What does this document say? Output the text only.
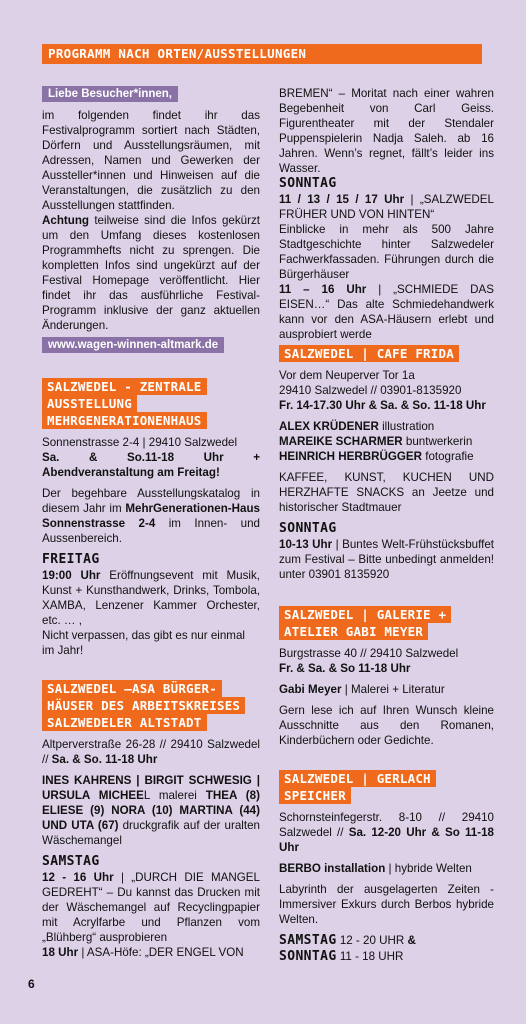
PROGRAMM NACH ORTEN/AUSSTELLUNGEN
Liebe Besucher*innen,

im folgenden findet ihr das Festivalprogramm sortiert nach Städten, Dörfern und Ausstellungsräumen, mit Adressen, Namen und Gewerken der Aussteller*innen und Hinweisen auf die Veranstaltungen, die zusätzlich zu den Ausstellungen stattfinden.

Achtung teilweise sind die Infos gekürzt um den Umfang dieses kostenlosen Programmhefts nicht zu sprengen. Die kompletten Infos sind ungekürzt auf der Festival Homepage veröffentlicht. Hier findet ihr das ausführliche Festival-Programm inklusive der ganz aktuellen Änderungen.

www.wagen-winnen-altmark.de
SALZWEDEL - ZENTRALE
AUSSTELLUNG
MEHRGENERATIONENHAUS
Sonnenstrasse 2-4 | 29410 Salzwedel

Sa. & So.11-18 Uhr + Abendveranstaltung am Freitag!

Der begehbare Ausstellungskatalog in diesem Jahr im MehrGenerationen-Haus Sonnenstrasse 2-4 im Innen- und Aussenbereich.

FREITAG

19:00 Uhr Eröffnungsevent mit Musik, Kunst + Kunsthandwerk, Drinks, Tombola, XAMBA, Lenzener Kammer Orchester, etc. … ,

Nicht verpassen, das gibt es nur einmal im Jahr!

SALZWEDEL –ASA BÜRGER-
HÄUSER DES ARBEITSKREISES
SALZWEDELER ALTSTADT

Altperverstraße 26-28 // 29410 Salzwedel // Sa. & So. 11-18 Uhr

INES KAHRENS | BIRGIT SCHWESIG | URSULA MICHEEL malerei THEA (8) ELIESE (9) NORA (10) MARTINA (44) UND UTA (67) druckgrafik auf der uralten Wäschemangel

SAMSTAG

12 - 16 Uhr | „DURCH DIE MANGEL GEDREHT“ – Du kannst das Drucken mit der Wäschemangel auf Recyclingpapier mit Acrylfarbe und Pflanzen vom „Blühberg“ ausprobieren

18 Uhr | ASA-Höfe: „DER ENGEL VON

BREMEN“ – Moritat nach einer wahren Begebenheit von Carl Geiss. Figurentheater mit der Stendaler Puppenspielerin Nadja Saleh. ab 16 Jahren. Wenn’s regnet, fällt’s leider ins Wasser.

SONNTAG

11 / 13 / 15 / 17 Uhr | „SALZWEDEL FRÜHER UND VON HINTEN“

Einblicke in mehr als 500 Jahre Stadtgeschichte hinter Salzwedeler Fachwerkfassaden. Führungen durch die Bürgerhäuser

11 – 16 Uhr | „SCHMIEDE DAS EISEN…“ Das alte Schmiedehandwerk kann vor den ASA-Häusern erlebt und ausprobiert werde

SALZWEDEL | CAFE FRIDA
Vor dem Neuperver Tor 1a
29410 Salzwedel // 03901-8135920
Fr. 14-17.30 Uhr & Sa. & So. 11-18 Uhr
ALEX KRÜDENER illustration
MAREIKE SCHARMER buntwerkerin
HEINRICH HERBRÜGGER fotografie

KAFFEE, KUNST, KUCHEN UND HERZHAFTE SNACKS an Jeetze und historischer Stadtmauer

SONNTAG

10-13 Uhr | Buntes Welt-Frühstücksbuffet zum Festival – Bitte unbedingt anmelden! unter 03901 8135920

SALZWEDEL | GALERIE +
ATELIER GABI MEYER
Burgstrasse 40 // 29410 Salzwedel
Fr. & Sa. & So 11-18 Uhr
Gabi Meyer | Malerei + Literatur

Gern lese ich auf Ihren Wunsch kleine Ausschnitte aus den Romanen, Kinderbüchern oder Gedichte.

SALZWEDEL | GERLACH
SPEICHER

Schornsteinfegerstr. 8-10 // 29410 Salzwedel // Sa. 12-20 Uhr & So 11-18 Uhr

BERBO installation | hybride Welten

Labyrinth der ausgelagerten Zeiten - Immersiver Exkurs durch Berbos hybride Welten.

SAMSTAG 12 - 20 UHR &
SONNTAG 11 - 18 UHR
6
